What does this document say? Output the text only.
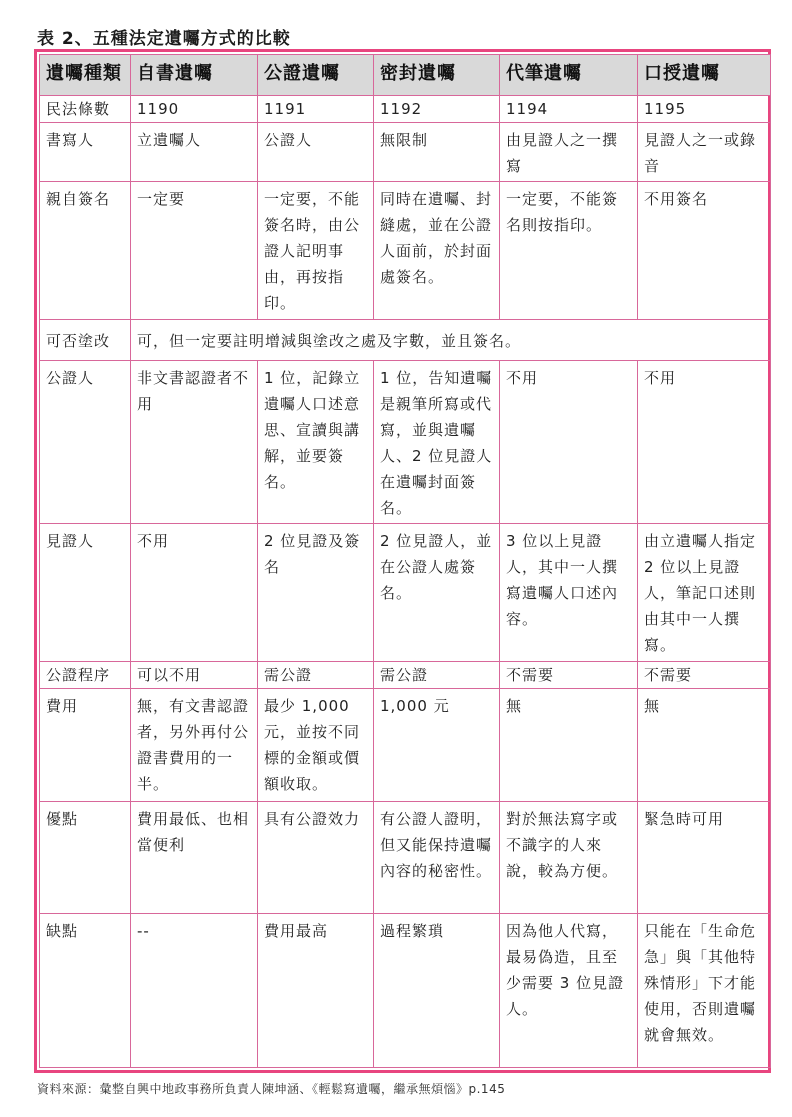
表 2、五種法定遺囑方式的比較
遺囑種類	自書遺囑	公證遺囑	密封遺囑	代筆遺囑	口授遺囑
民法條數	1190	1191	1192	1194	1195
書寫人	立遺囑人	公證人	無限制	由見證人之一撰寫	見證人之一或錄音
親自簽名	一定要	一定要，不能簽名時，由公證人記明事由，再按指印。	同時在遺囑、封縫處，並在公證人面前，於封面處簽名。	一定要，不能簽名則按指印。	不用簽名
可否塗改	可，但一定要註明增減與塗改之處及字數，並且簽名。				
公證人	非文書認證者不用	1 位，記錄立遺囑人口述意思、宣讀與講解，並要簽名。	1 位，告知遺囑是親筆所寫或代寫，並與遺囑人、2 位見證人在遺囑封面簽名。	不用	不用
見證人	不用	2 位見證及簽名	2 位見證人，並在公證人處簽名。	3 位以上見證人，其中一人撰寫遺囑人口述內容。	由立遺囑人指定 2 位以上見證人，筆記口述則由其中一人撰寫。
公證程序	可以不用	需公證	需公證	不需要	不需要
費用	無，有文書認證者，另外再付公證書費用的一半。	最少 1,000 元，並按不同標的金額或價額收取。	1,000 元	無	無
優點	費用最低、也相當便利	具有公證效力	有公證人證明，但又能保持遺囑內容的秘密性。	對於無法寫字或不識字的人來說，較為方便。	緊急時可用
缺點	--	費用最高	過程繁瑣	因為他人代寫，最易偽造，且至少需要 3 位見證人。	只能在「生命危急」與「其他特殊情形」下才能使用，否則遺囑就會無效。
資料來源：彙整自興中地政事務所負責人陳坤涵、《輕鬆寫遺囑，繼承無煩惱》p.145
